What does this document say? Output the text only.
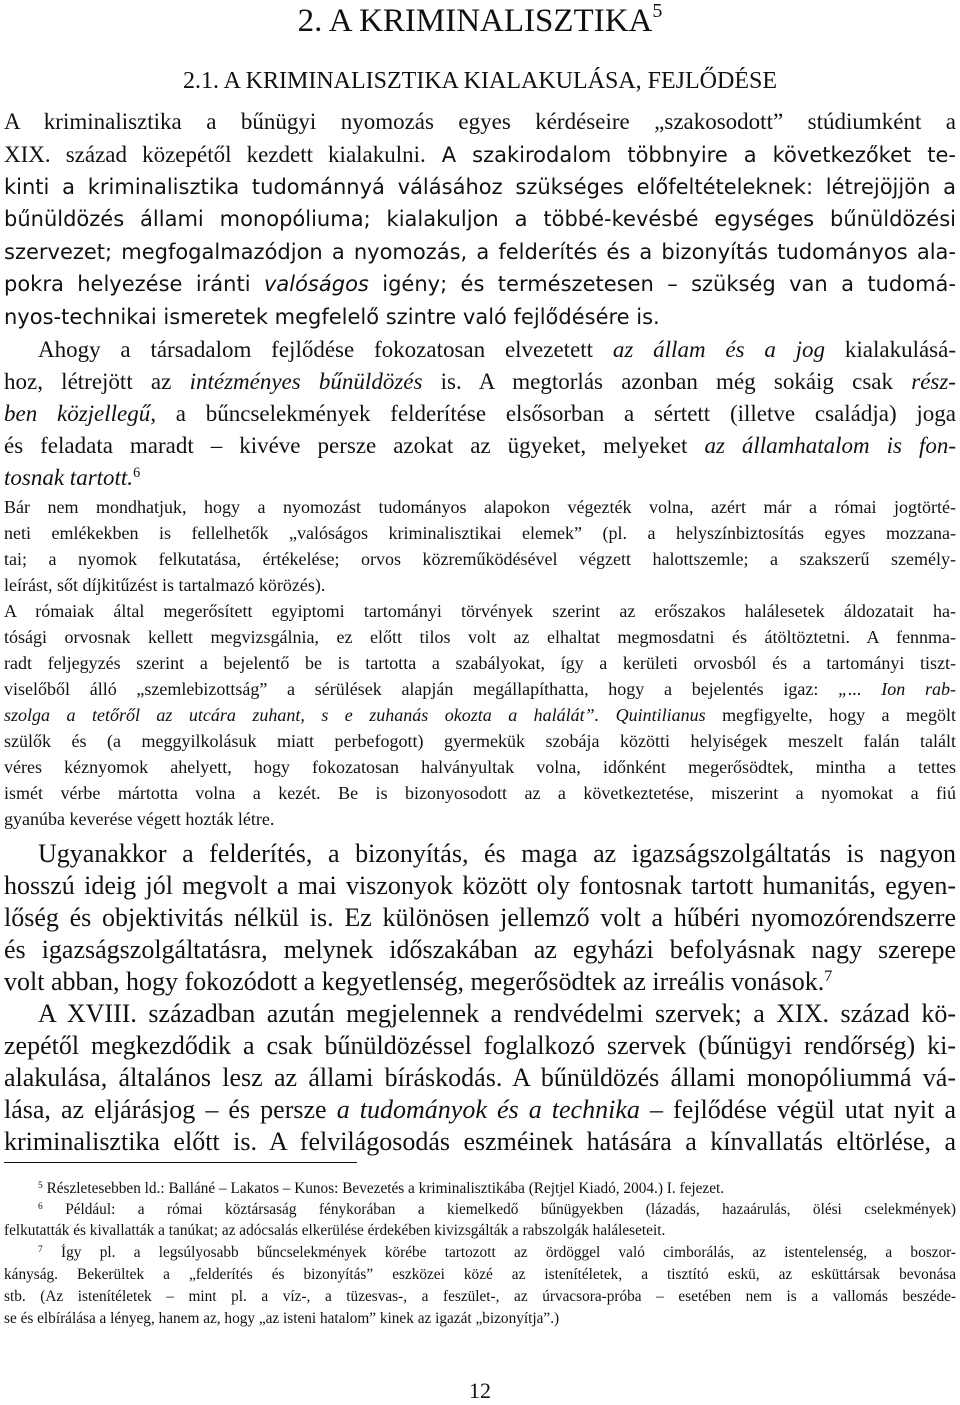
2. A KRIMINALISZTIKA$^5$
2.1. A KRIMINALISZTIKA KIALAKULÁSA, FEJLŐDÉSE
A kriminalisztika a bűnügyi nyomozás egyes kérdéseire „szakosodott” stúdiumként a
XIX. század közepétől kezdett kialakulni. A szakirodalom többnyire a következőket te-
kinti a kriminalisztika tudománnyá válásához szükséges előfeltételeknek: létrejöjjön a
bűnüldözés állami monopóliuma; kialakuljon a többé-kevésbé egységes bűnüldözési
szervezet; megfogalmazódjon a nyomozás, a felderítés és a bizonyítás tudományos ala-
pokra helyezése iránti valóságos igény; és természetesen – szükség van a tudomá-
nyos-technikai ismeretek megfelelő szintre való fejlődésére is.
Ahogy a társadalom fejlődése fokozatosan elvezetett az állam és a jog kialakulásá-
hoz, létrejött az intézményes bűnüldözés is. A megtorlás azonban még sokáig csak rész-
ben közjellegű, a bűncselekmények felderítése elsősorban a sértett (illetve családja) joga
és feladata maradt – kivéve persze azokat az ügyeket, melyeket az államhatalom is fon-
tosnak tartott.$^6$
Bár nem mondhatjuk, hogy a nyomozást tudományos alapokon végezték volna, azért már a római jogtörté-
neti emlékekben is fellelhetők „valóságos kriminalisztikai elemek” (pl. a helyszínbiztosítás egyes mozzana-
tai; a nyomok felkutatása, értékelése; orvos közreműködésével végzett halottszemle; a szakszerű személy-
leírást, sőt díjkitűzést is tartalmazó körözés).
A rómaiak által megerősített egyiptomi tartományi törvények szerint az erőszakos halálesetek áldozatait ha-
tósági orvosnak kellett megvizsgálnia, ez előtt tilos volt az elhaltat megmosdatni és átöltöztetni. A fennma-
radt feljegyzés szerint a bejelentő be is tartotta a szabályokat, így a kerületi orvosból és a tartományi tiszt-
viselőből álló „szemlebizottság” a sérülések alapján megállapíthatta, hogy a bejelentés igaz: „... Ion rab-
szolga a tetőről az utcára zuhant, s e zuhanás okozta a halálát”. Quintilianus megfigyelte, hogy a megölt
szülők és (a meggyilkolásuk miatt perbefogott) gyermekük szobája közötti helyiségek meszelt falán talált
véres kéznyomok ahelyett, hogy fokozatosan halványultak volna, időnként megerősödtek, mintha a tettes
ismét vérbe mártotta volna a kezét. Be is bizonyosodott az a következtetése, miszerint a nyomokat a fiú
gyanúba keverése végett hozták létre.
Ugyanakkor a felderítés, a bizonyítás, és maga az igazságszolgáltatás is nagyon
hosszú ideig jól megvolt a mai viszonyok között oly fontosnak tartott humanitás, egyen-
lőség és objektivitás nélkül is. Ez különösen jellemző volt a hűbéri nyomozórendszerre
és igazságszolgáltatásra, melynek időszakában az egyházi befolyásnak nagy szerepe
volt abban, hogy fokozódott a kegyetlenség, megerősödtek az irreális vonások.$^7$
A XVIII. században azután megjelennek a rendvédelmi szervek; a XIX. század kö-
zepétől megkezdődik a csak bűnüldözéssel foglalkozó szervek (bűnügyi rendőrség) ki-
alakulása, általános lesz az állami bíráskodás. A bűnüldözés állami monopóliummá vá-
lása, az eljárásjog – és persze a tudományok és a technika – fejlődése végül utat nyit a
kriminalisztika előtt is. A felvilágosodás eszméinek hatására a kínvallatás eltörlése, a
$^5$ Részletesebben ld.: Balláné – Lakatos – Kunos: Bevezetés a kriminalisztikába (Rejtjel Kiadó, 2004.) I. fejezet.
$^6$ Például: a római köztársaság fénykorában a kiemelkedő bűnügyekben (lázadás, hazaárulás, ölési cselekmények)
felkutatták és kivallatták a tanúkat; az adócsalás elkerülése érdekében kivizsgálták a rabszolgák haláleseteit.
$^7$ Így pl. a legsúlyosabb bűncselekmények körébe tartozott az ördöggel való cimborálás, az istentelenség, a boszor-
kányság. Bekerültek a „felderítés és bizonyítás” eszközei közé az istenítéletek, a tisztító eskü, az esküttársak bevonása
stb. (Az istenítéletek – mint pl. a víz-, a tüzesvas-, a feszület-, az úrvacsora-próba – esetében nem is a vallomás beszéde-
se és elbírálása a lényeg, hanem az, hogy „az isteni hatalom” kinek az igazát „bizonyítja”.)
12
